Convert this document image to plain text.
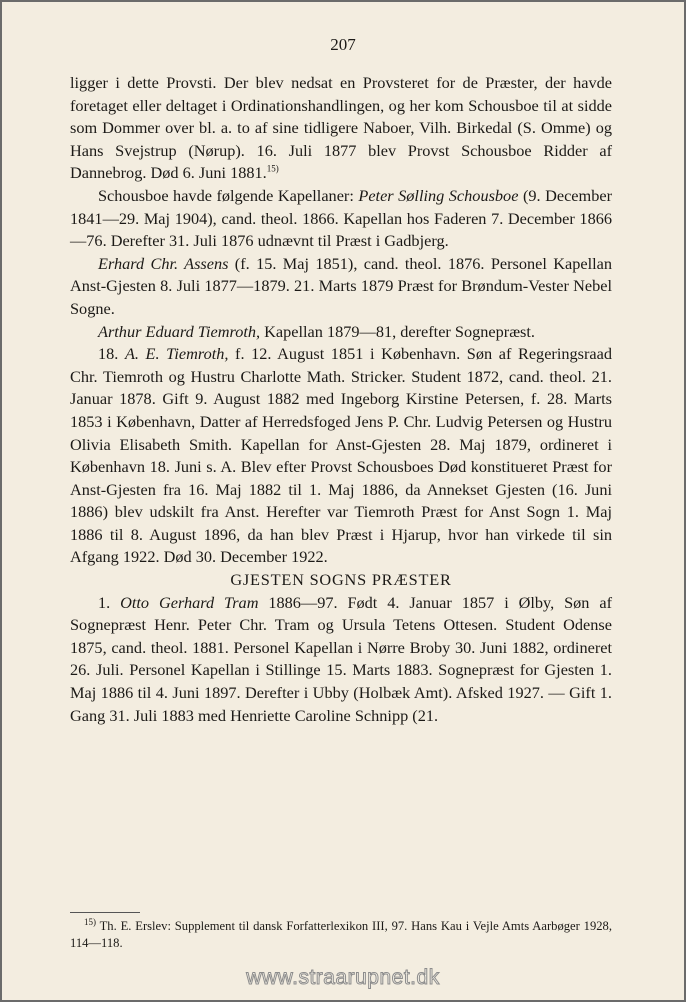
207

ligger i dette Provsti. Der blev nedsat en Provsteret for de Præster, der havde foretaget eller deltaget i Ordinationshandlingen, og her kom Schousboe til at sidde som Dommer over bl. a. to af sine tidligere Naboer, Vilh. Birkedal (S. Omme) og Hans Svejstrup (Nørup). 16. Juli 1877 blev Provst Schousboe Ridder af Dannebrog. Død 6. Juni 1881.$^{15)}$

Schousboe havde følgende Kapellaner: Peter Sølling Schousboe (9. December 1841—29. Maj 1904), cand. theol. 1866. Kapellan hos Faderen 7. December 1866—76. Derefter 31. Juli 1876 udnævnt til Præst i Gadbjerg.

Erhard Chr. Assens (f. 15. Maj 1851), cand. theol. 1876. Personel Kapellan Anst-Gjesten 8. Juli 1877—1879. 21. Marts 1879 Præst for Brøndum-Vester Nebel Sogne.

Arthur Eduard Tiemroth, Kapellan 1879—81, derefter Sognepræst.

18. A. E. Tiemroth, f. 12. August 1851 i København. Søn af Regeringsraad Chr. Tiemroth og Hustru Charlotte Math. Stricker. Student 1872, cand. theol. 21. Januar 1878. Gift 9. August 1882 med Ingeborg Kirstine Petersen, f. 28. Marts 1853 i København, Datter af Herredsfoged Jens P. Chr. Ludvig Petersen og Hustru Olivia Elisabeth Smith. Kapellan for Anst-Gjesten 28. Maj 1879, ordineret i København 18. Juni s. A. Blev efter Provst Schousboes Død konstitueret Præst for Anst-Gjesten fra 16. Maj 1882 til 1. Maj 1886, da Annekset Gjesten (16. Juni 1886) blev udskilt fra Anst. Herefter var Tiemroth Præst for Anst Sogn 1. Maj 1886 til 8. August 1896, da han blev Præst i Hjarup, hvor han virkede til sin Afgang 1922. Død 30. December 1922.

GJESTEN SOGNS PRÆSTER

1. Otto Gerhard Tram 1886—97. Født 4. Januar 1857 i Ølby, Søn af Sognepræst Henr. Peter Chr. Tram og Ursula Tetens Ottesen. Student Odense 1875, cand. theol. 1881. Personel Kapellan i Nørre Broby 30. Juni 1882, ordineret 26. Juli. Personel Kapellan i Stillinge 15. Marts 1883. Sognepræst for Gjesten 1. Maj 1886 til 4. Juni 1897. Derefter i Ubby (Holbæk Amt). Afsked 1927. — Gift 1. Gang 31. Juli 1883 med Henriette Caroline Schnipp (21.

$^{15)}$ Th. E. Erslev: Supplement til dansk Forfatterlexikon III, 97. Hans Kau i Vejle Amts Aarbøger 1928, 114—118.
www.straarupnet.dk
